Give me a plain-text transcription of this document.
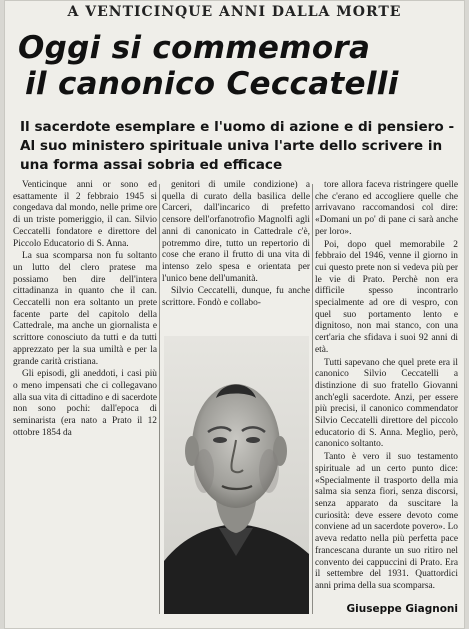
A VENTICINQUE ANNI DALLA MORTE
Oggi si commemora
il canonico Ceccatelli
Il sacerdote esemplare e l'uomo di azione e di pensiero - Al suo ministero spirituale univa l'arte dello scrivere in una forma assai sobria ed efficace

Venticinque anni or sono ed esattamente il 2 febbraio 1945 si congedava dal mondo, nelle prime ore di un triste pomeriggio, il can. Silvio Ceccatelli fondatore e direttore del Piccolo Educatorio di S. Anna.

La sua scomparsa non fu soltanto un lutto del clero pratese ma possiamo ben dire dell'intera cittadinanza in quanto che il can. Ceccatelli non era soltanto un prete facente parte del capitolo della Cattedrale, ma anche un giornalista e scrittore conosciuto da tutti e da tutti apprezzato per la sua umiltà e per la grande carità cristiana.

Gli episodi, gli aneddoti, i casi più o meno impensati che ci collegavano alla sua vita di cittadino e di sacerdote non sono pochi: dall'epoca di seminarista (era nato a Prato il 12 ottobre 1854 da

genitori di umile condizione) a quella di curato della basilica delle Carceri, dall'incarico di prefetto censore dell'orfanotrofio Magnolfi agli anni di canonicato in Cattedrale c'è, potremmo dire, tutto un repertorio di cose che erano il frutto di una vita di intenso zelo spesa e orientata per l'unico bene dell'umanità.

Silvio Ceccatelli, dunque, fu anche scrittore. Fondò e collabo-

tore allora faceva ristringere quelle che c'erano ed accogliere quelle che arrivavano raccomandosi col dire: «Domani un po' di pane ci sarà anche per loro».

Poi, dopo quel memorabile 2 febbraio del 1946, venne il giorno in cui questo prete non si vedeva più per le vie di Prato. Perchè non era difficile spesso incontrarlo specialmente ad ore di vespro, con quel suo portamento lento e dignitoso, non mai stanco, con una cert'aria che sfidava i suoi 92 anni di età.

Tutti sapevano che quel prete era il canonico Silvio Ceccatelli a distinzione di suo fratello Giovanni anch'egli sacerdote. Anzi, per essere più precisi, il canonico commendator Silvio Ceccatelli direttore del piccolo educatorio di S. Anna. Meglio, però, canonico soltanto.

Tanto è vero il suo testamento spirituale ad un certo punto dice: «Specialmente il trasporto della mia salma sia senza fiori, senza discorsi, senza apparato da suscitare la curiosità: deve essere devoto come conviene ad un sacerdote povero». Lo aveva redatto nella più perfetta pace francescana durante un suo ritiro nel convento dei cappuccini di Prato. Era il settembre del 1931. Quattordici anni prima della sua scomparsa.

Giuseppe Giagnoni
